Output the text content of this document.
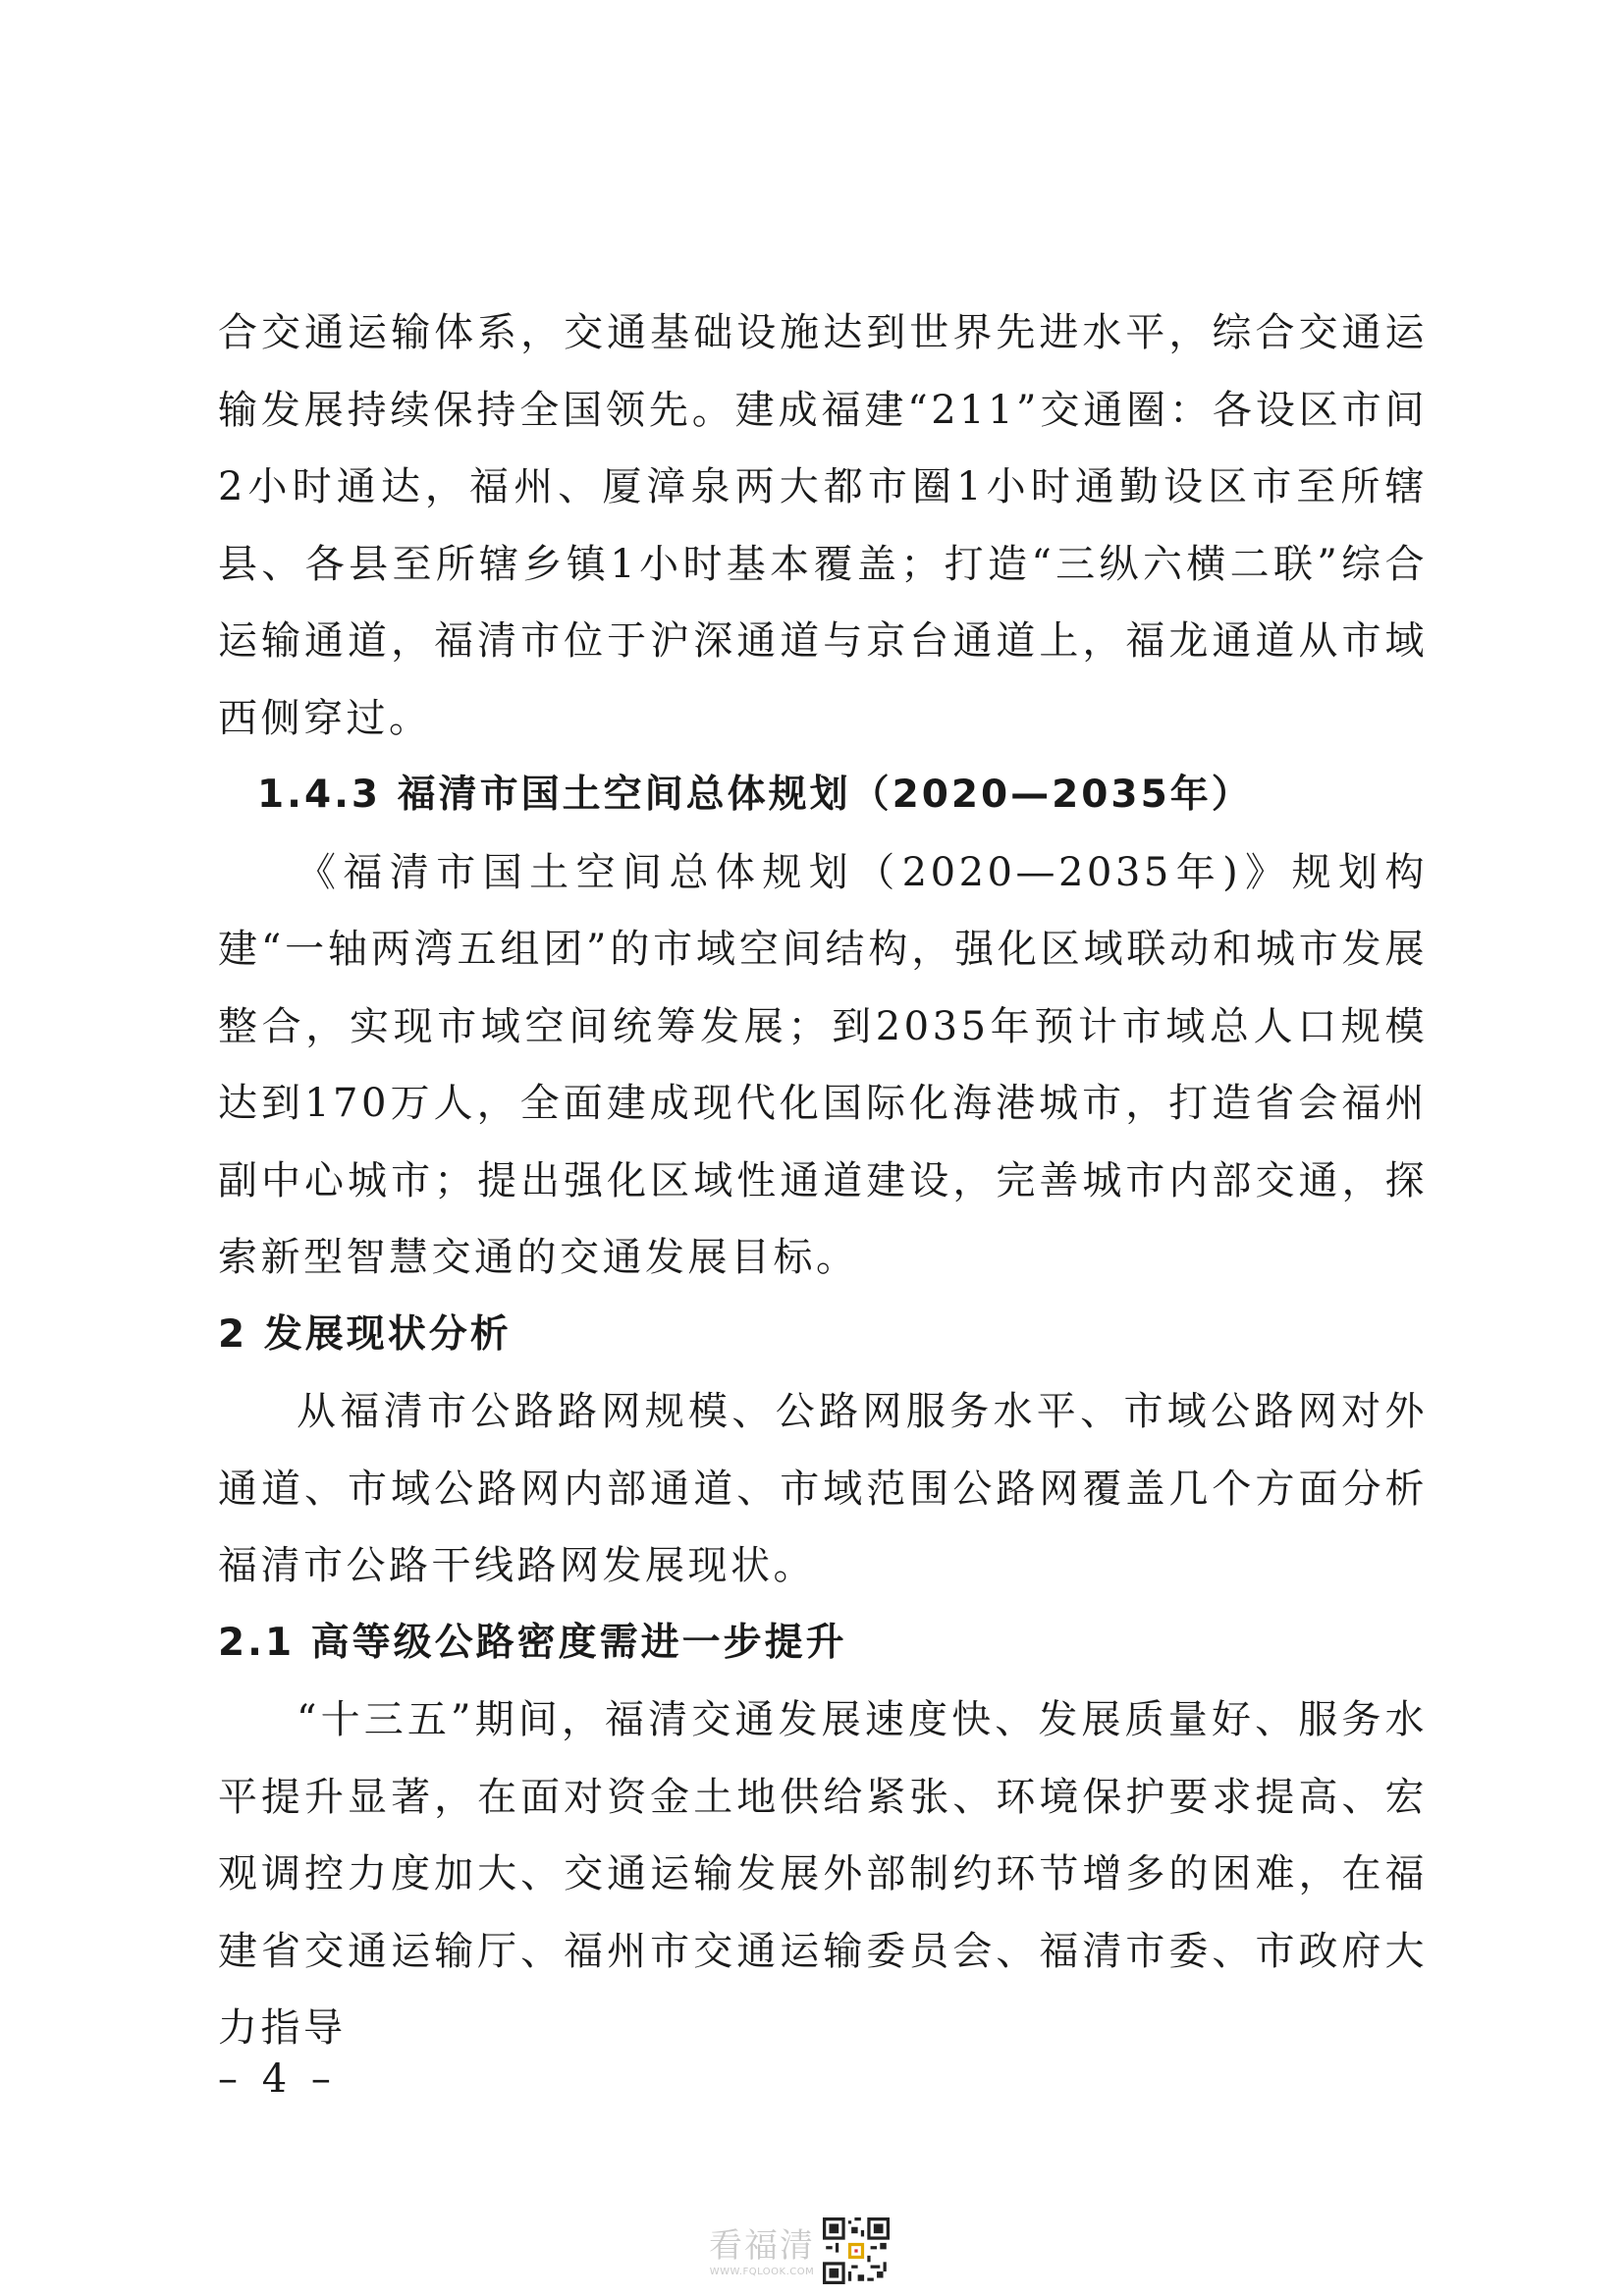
合交通运输体系，交通基础设施达到世界先进水平，综合交通运输发展持续保持全国领先。建成福建“211”交通圈：各设区市间2小时通达，福州、厦漳泉两大都市圈1小时通勤设区市至所辖县、各县至所辖乡镇1小时基本覆盖；打造“三纵六横二联”综合运输通道，福清市位于沪深通道与京台通道上，福龙通道从市域西侧穿过。

1.4.3 福清市国土空间总体规划（2020—2035年）

《福清市国土空间总体规划（2020—2035年)》规划构建“一轴两湾五组团”的市域空间结构，强化区域联动和城市发展整合，实现市域空间统筹发展；到2035年预计市域总人口规模达到170万人，全面建成现代化国际化海港城市，打造省会福州副中心城市；提出强化区域性通道建设，完善城市内部交通，探索新型智慧交通的交通发展目标。

2 发展现状分析

从福清市公路路网规模、公路网服务水平、市域公路网对外通道、市域公路网内部通道、市域范围公路网覆盖几个方面分析福清市公路干线路网发展现状。

2.1 高等级公路密度需进一步提升

“十三五”期间，福清交通发展速度快、发展质量好、服务水平提升显著，在面对资金土地供给紧张、环境保护要求提高、宏观调控力度加大、交通运输发展外部制约环节增多的困难，在福建省交通运输厅、福州市交通运输委员会、福清市委、市政府大力指导

– 4 –
看福清
WWW.FQLOOK.COM
